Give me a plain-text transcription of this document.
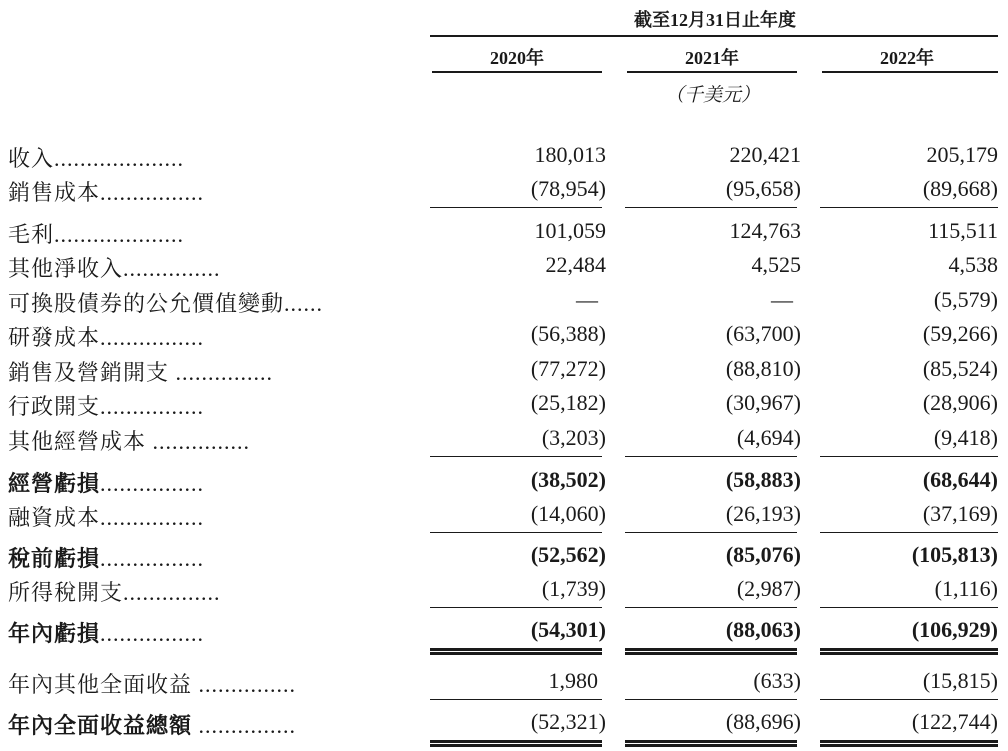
截至12月31日止年度
2020年	2021年	2022年
（千美元）
收入....................	180,013	220,421	205,179
銷售成本................	(78,954)	(95,658)	(89,668)
毛利....................	101,059	124,763	115,511
其他淨收入...............	22,484	4,525	4,538
可換股債券的公允價值變動......	—	—	(5,579)
研發成本................	(56,388)	(63,700)	(59,266)
銷售及營銷開支 ...............	(77,272)	(88,810)	(85,524)
行政開支................	(25,182)	(30,967)	(28,906)
其他經營成本 ...............	(3,203)	(4,694)	(9,418)
經營虧損................	(38,502)	(58,883)	(68,644)
融資成本................	(14,060)	(26,193)	(37,169)
稅前虧損................	(52,562)	(85,076)	(105,813)
所得稅開支...............	(1,739)	(2,987)	(1,116)
年內虧損................	(54,301)	(88,063)	(106,929)
年內其他全面收益 ...............	1,980	(633)	(15,815)
年內全面收益總額 ...............	(52,321)	(88,696)	(122,744)
